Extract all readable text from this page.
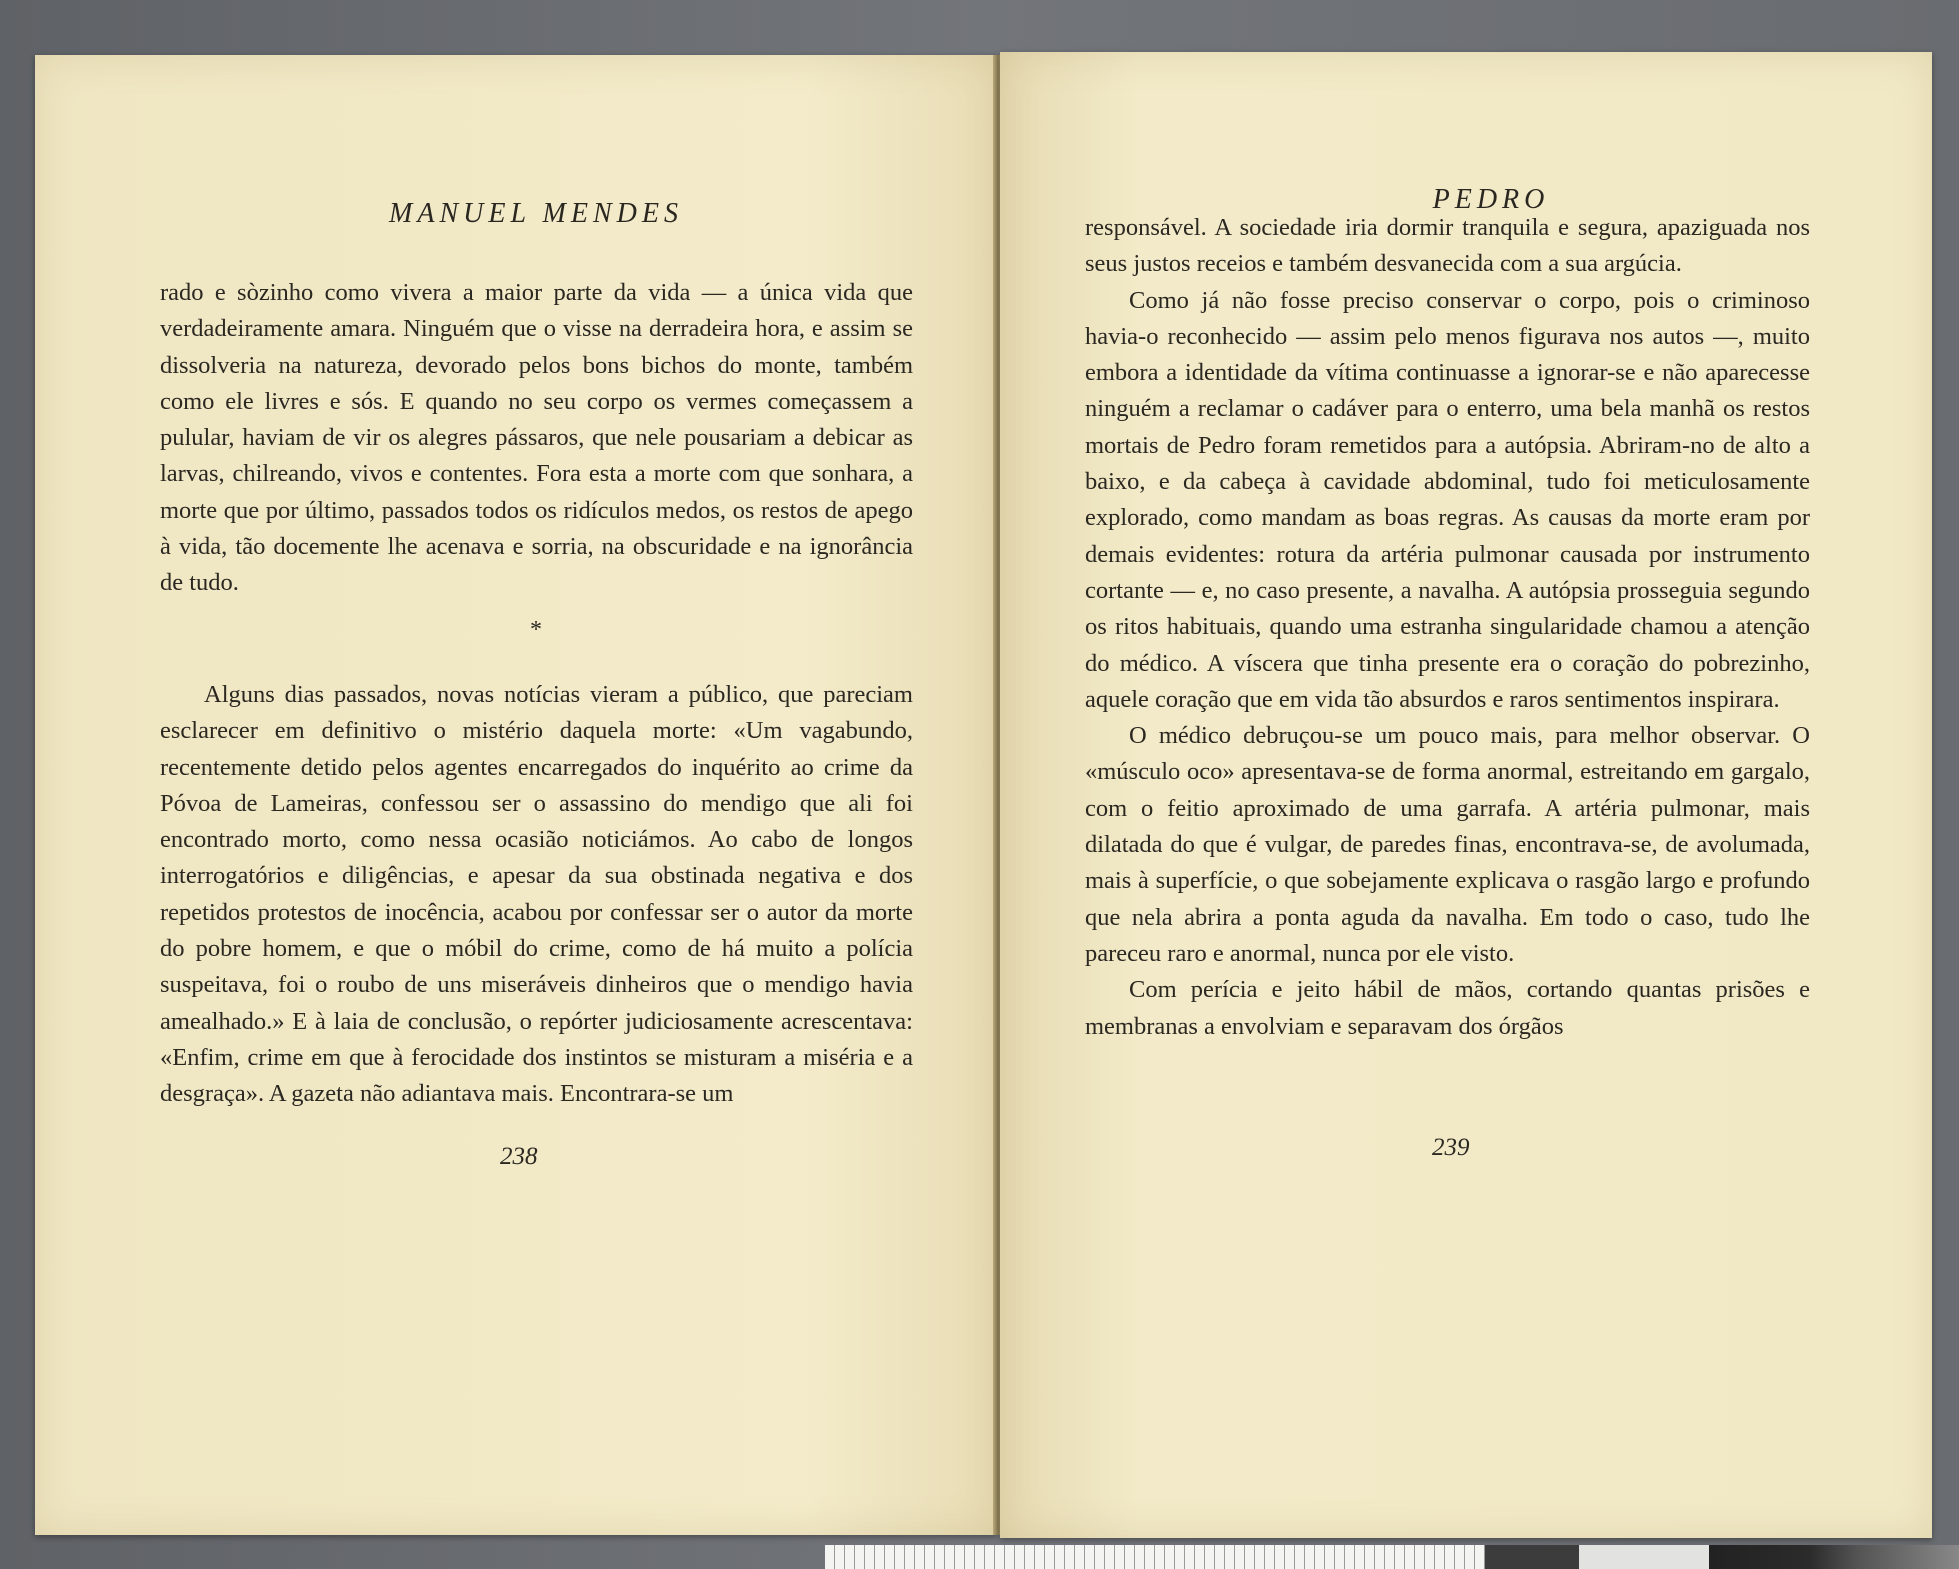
MANUEL MENDES

rado e sòzinho como vivera a maior parte da vida — a única vida que verdadeiramente amara. Ninguém que o visse na derradeira hora, e assim se dissolveria na natureza, devorado pelos bons bichos do monte, também como ele livres e sós. E quando no seu corpo os vermes começassem a pulular, haviam de vir os alegres pássaros, que nele pousariam a debicar as larvas, chilreando, vivos e contentes. Fora esta a morte com que sonhara, a morte que por último, passados todos os ridículos medos, os restos de apego à vida, tão docemente lhe acenava e sorria, na obscuridade e na ignorância de tudo.

*

Alguns dias passados, novas notícias vieram a público, que pareciam esclarecer em definitivo o mistério daquela morte: «Um vagabundo, recentemente detido pelos agentes encarregados do inquérito ao crime da Póvoa de Lameiras, confessou ser o assassino do mendigo que ali foi encontrado morto, como nessa ocasião noticiámos. Ao cabo de longos interrogatórios e diligências, e apesar da sua obstinada negativa e dos repetidos protestos de inocência, acabou por confessar ser o autor da morte do pobre homem, e que o móbil do crime, como de há muito a polícia suspeitava, foi o roubo de uns miseráveis dinheiros que o mendigo havia amealhado.» E à laia de conclusão, o repórter judiciosamente acrescentava: «Enfim, crime em que à ferocidade dos instintos se misturam a miséria e a desgraça». A gazeta não adiantava mais. Encontrara-se um

238
PEDRO

responsável. A sociedade iria dormir tranquila e segura, apaziguada nos seus justos receios e também desvanecida com a sua argúcia.

Como já não fosse preciso conservar o corpo, pois o criminoso havia-o reconhecido — assim pelo menos figurava nos autos —, muito embora a identidade da vítima continuasse a ignorar-se e não aparecesse ninguém a reclamar o cadáver para o enterro, uma bela manhã os restos mortais de Pedro foram remetidos para a autópsia. Abriram-no de alto a baixo, e da cabeça à cavidade abdominal, tudo foi meticulosamente explorado, como mandam as boas regras. As causas da morte eram por demais evidentes: rotura da artéria pulmonar causada por instrumento cortante — e, no caso presente, a navalha. A autópsia prosseguia segundo os ritos habituais, quando uma estranha singularidade chamou a atenção do médico. A víscera que tinha presente era o coração do pobrezinho, aquele coração que em vida tão absurdos e raros sentimentos inspirara.

O médico debruçou-se um pouco mais, para melhor observar. O «músculo oco» apresentava-se de forma anormal, estreitando em gargalo, com o feitio aproximado de uma garrafa. A artéria pulmonar, mais dilatada do que é vulgar, de paredes finas, encontrava-se, de avolumada, mais à superfície, o que sobejamente explicava o rasgão largo e profundo que nela abrira a ponta aguda da navalha. Em todo o caso, tudo lhe pareceu raro e anormal, nunca por ele visto.

Com perícia e jeito hábil de mãos, cortando quantas prisões e membranas a envolviam e separavam dos órgãos

239
